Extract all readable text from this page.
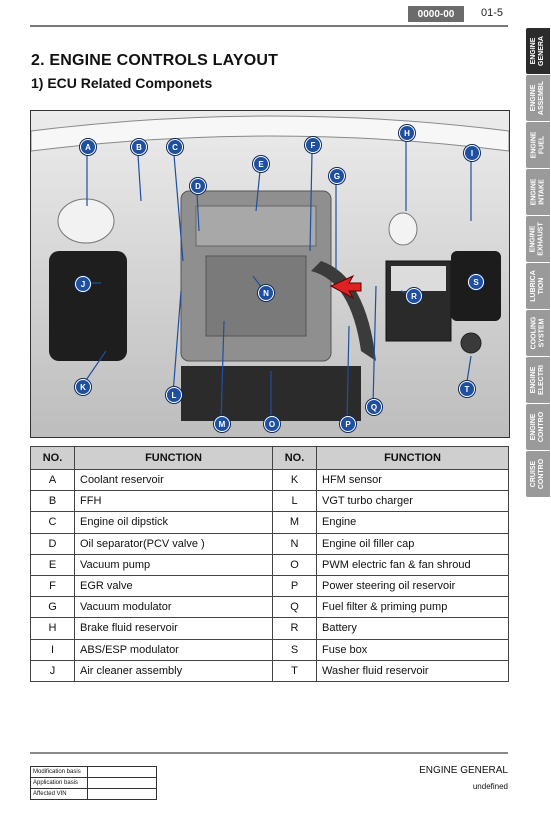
0000-00	01-5
2. ENGINE CONTROLS LAYOUT
1) ECU Related Componets
A	B	C
D
E
F
G
H
I
J
K
L
M
N
O	P
Q
R
S
T
NO.	FUNCTION	NO.	FUNCTION
A	Coolant reservoir	K	HFM sensor
B	FFH	L	VGT turbo charger
C	Engine oil dipstick	M	Engine
D	Oil separator(PCV valve )	N	Engine oil filler cap
E	Vacuum pump	O	PWM electric fan & fan shroud
F	EGR valve	P	Power steering oil reservoir
G	Vacuum modulator	Q	Fuel filter & priming pump
H	Brake fluid reservoir	R	Battery
I	ABS/ESP modulator	S	Fuse box
J	Air cleaner assembly	T	Washer fluid reservoir
ENGINE
GENERA
ENGINE
ASSEMBL
ENGINE
FUEL
ENGINE
INTAKE
ENGINE
EXHAUST
LUBRICA
TION
COOLING
SYSTEM
ENGINE
ELECTRI
ENGINE
CONTRO
CRUISE
CONTRO
Modification basis	
Application basis	
Affected VIN	
ENGINE GENERAL
undefined
